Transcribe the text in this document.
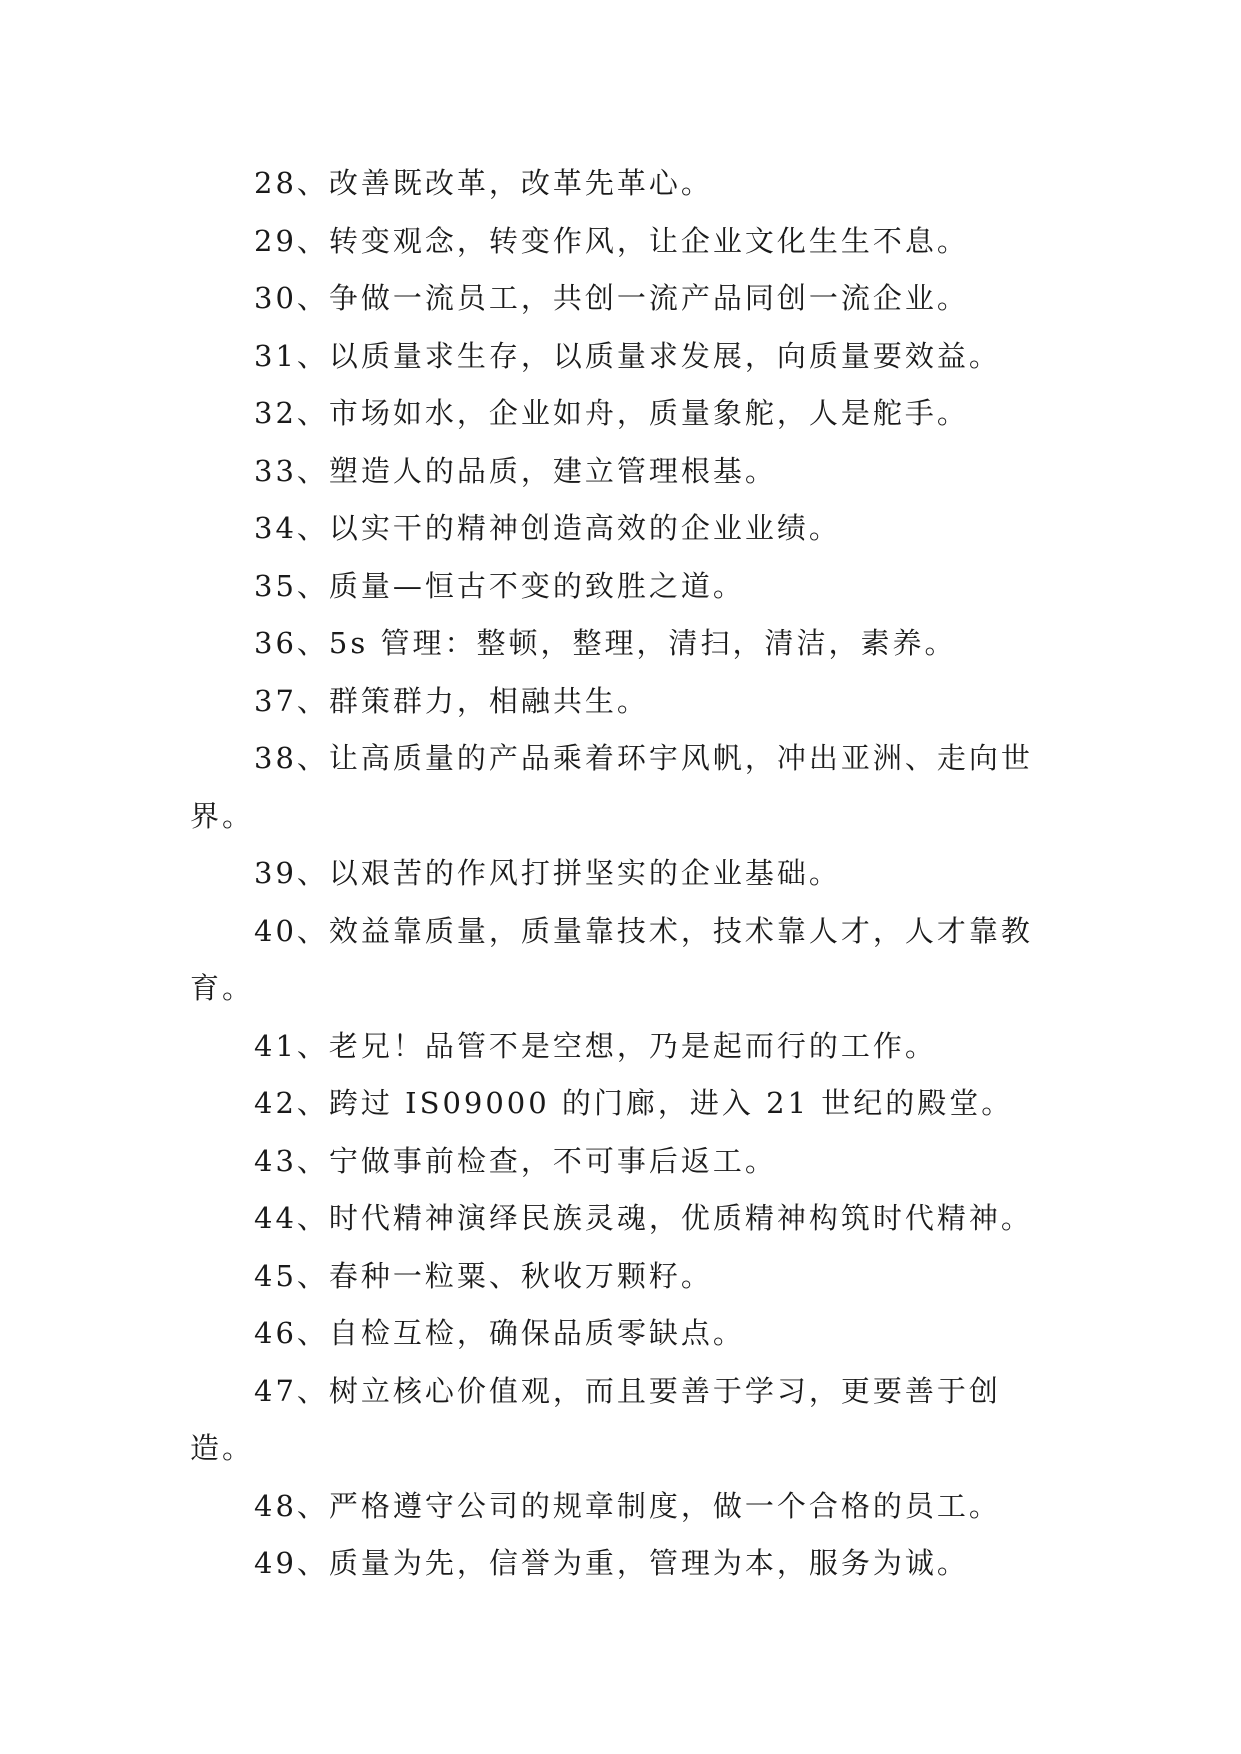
28、改善既改革，改革先革心。

29、转变观念，转变作风，让企业文化生生不息。

30、争做一流员工，共创一流产品同创一流企业。

31、以质量求生存，以质量求发展，向质量要效益。

32、市场如水，企业如舟，质量象舵，人是舵手。

33、塑造人的品质，建立管理根基。

34、以实干的精神创造高效的企业业绩。

35、质量—恒古不变的致胜之道。

36、5s 管理：整顿，整理，清扫，清洁，素养。

37、群策群力，相融共生。

38、让高质量的产品乘着环宇风帆，冲出亚洲、走向世界。

39、以艰苦的作风打拼坚实的企业基础。

40、效益靠质量，质量靠技术，技术靠人才，人才靠教育。

41、老兄！品管不是空想，乃是起而行的工作。

42、跨过 IS09000 的门廊，进入 21 世纪的殿堂。

43、宁做事前检查，不可事后返工。

44、时代精神演绎民族灵魂，优质精神构筑时代精神。

45、春种一粒粟、秋收万颗籽。

46、自检互检，确保品质零缺点。

47、树立核心价值观，而且要善于学习，更要善于创造。

48、严格遵守公司的规章制度，做一个合格的员工。

49、质量为先，信誉为重，管理为本，服务为诚。
